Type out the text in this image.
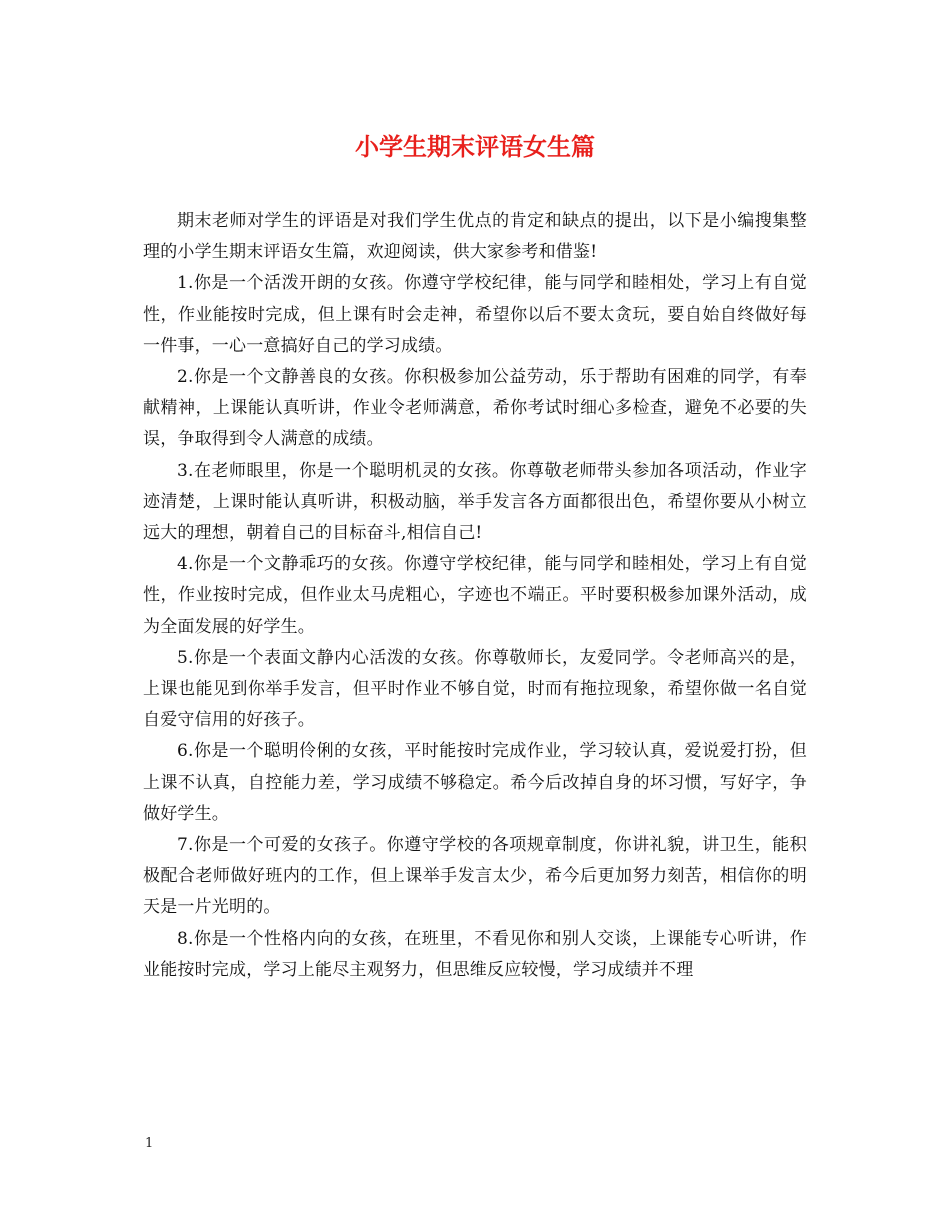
小学生期末评语女生篇

期末老师对学生的评语是对我们学生优点的肯定和缺点的提出，以下是小编搜集整理的小学生期末评语女生篇，欢迎阅读，供大家参考和借鉴!

1.你是一个活泼开朗的女孩。你遵守学校纪律，能与同学和睦相处，学习上有自觉性，作业能按时完成，但上课有时会走神，希望你以后不要太贪玩，要自始自终做好每一件事，一心一意搞好自己的学习成绩。

2.你是一个文静善良的女孩。你积极参加公益劳动，乐于帮助有困难的同学，有奉献精神，上课能认真听讲，作业令老师满意，希你考试时细心多检查，避免不必要的失误，争取得到令人满意的成绩。

3.在老师眼里，你是一个聪明机灵的女孩。你尊敬老师带头参加各项活动，作业字迹清楚，上课时能认真听讲，积极动脑，举手发言各方面都很出色，希望你要从小树立远大的理想，朝着自己的目标奋斗,相信自己!

4.你是一个文静乖巧的女孩。你遵守学校纪律，能与同学和睦相处，学习上有自觉性，作业按时完成，但作业太马虎粗心，字迹也不端正。平时要积极参加课外活动，成为全面发展的好学生。

5.你是一个表面文静内心活泼的女孩。你尊敬师长，友爱同学。令老师高兴的是，上课也能见到你举手发言，但平时作业不够自觉，时而有拖拉现象，希望你做一名自觉自爱守信用的好孩子。

6.你是一个聪明伶俐的女孩，平时能按时完成作业，学习较认真，爱说爱打扮，但上课不认真，自控能力差，学习成绩不够稳定。希今后改掉自身的坏习惯，写好字，争做好学生。

7.你是一个可爱的女孩子。你遵守学校的各项规章制度，你讲礼貌，讲卫生，能积极配合老师做好班内的工作，但上课举手发言太少，希今后更加努力刻苦，相信你的明天是一片光明的。

8.你是一个性格内向的女孩，在班里，不看见你和别人交谈，上课能专心听讲，作业能按时完成，学习上能尽主观努力，但思维反应较慢，学习成绩并不理

1
